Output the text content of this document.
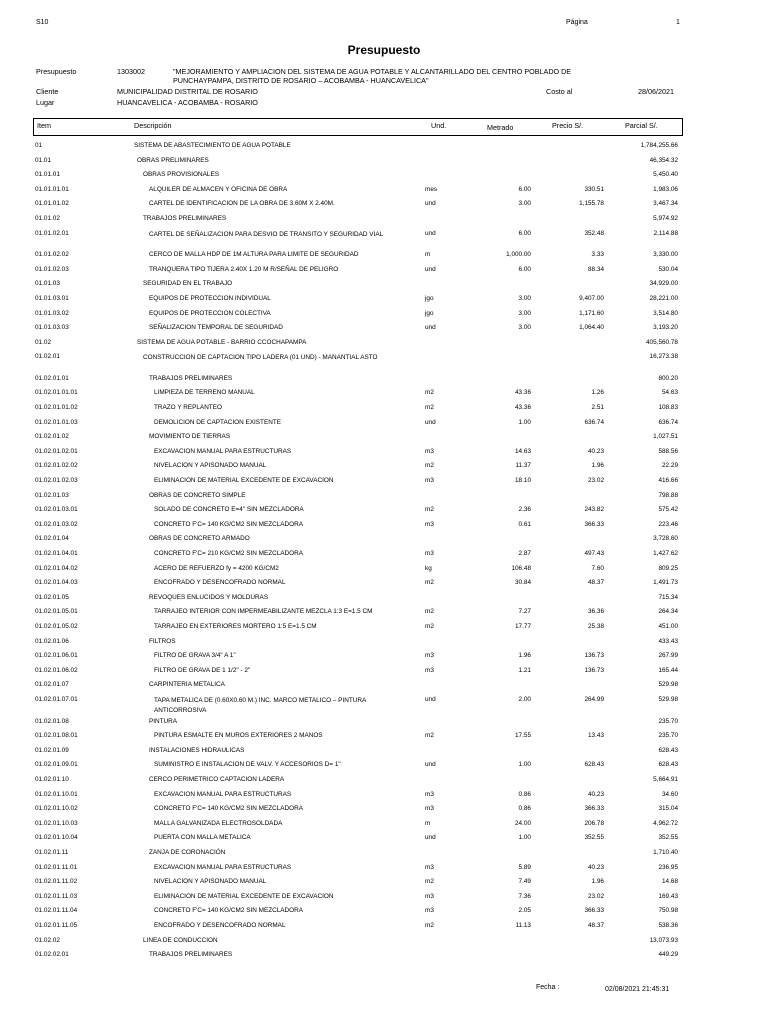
S10	Página	1
Presupuesto
Presupuesto	1303002	"MEJORAMIENTO Y AMPLIACION DEL SISTEMA DE AGUA POTABLE Y ALCANTARILLADO DEL CENTRO POBLADO DE
PUNCHAYPAMPA, DISTRITO DE ROSARIO – ACOBAMBA - HUANCAVELICA"
Cliente	MUNICIPALIDAD DISTRITAL DE ROSARIO	Costo al	28/06/2021
Lugar	HUANCAVELICA - ACOBAMBA - ROSARIO
Item	Descripción	Und.	Metrado	Precio S/.	Parcial S/.
01	SISTEMA DE ABASTECIMIENTO DE AGUA POTABLE	1,784,255.66
01.01	OBRAS PRELIMINARES	46,354.32
01.01.01	OBRAS PROVISIONALES	5,450.40
01.01.01.01	ALQUILER DE ALMACEN Y OFICINA DE OBRA	mes	6.00	330.51	1,983.06
01.01.01.02	CARTEL DE IDENTIFICACION DE LA OBRA DE 3.60M X 2.40M.	und	3.00	1,155.78	3,467.34
01.01.02	TRABAJOS PRELIMINARES	5,974.92
01.01.02.01	CARTEL DE SEÑALIZACION PARA DESVIO DE TRANSITO Y SEGURIDAD VIAL	und	6.00	352.48	2,114.88
01.01.02.02	CERCO DE MALLA HDP DE 1M ALTURA PARA LIMITE DE SEGURIDAD	m	1,000.00	3.33	3,330.00
01.01.02.03	TRANQUERA TIPO TIJERA 2.40X 1.20 M R/SEÑAL DE PELIGRO	und	6.00	88.34	530.04
01.01.03	SEGURIDAD EN EL TRABAJO	34,929.00
01.01.03.01	EQUIPOS DE PROTECCION INDIVIDUAL	jgo	3.00	9,407.00	28,221.00
01.01.03.02	EQUIPOS DE PROTECCION COLECTIVA	jgo	3.00	1,171.60	3,514.80
01.01.03.03	SEÑALIZACION TEMPORAL DE SEGURIDAD	und	3.00	1,064.40	3,193.20
01.02	SISTEMA DE AGUA POTABLE - BARRIO CCOCHAPAMPA	405,560.78
01.02.01	CONSTRUCCION DE CAPTACION TIPO LADERA (01 UND) - MANANTIAL ASTO	16,273.38
01.02.01.01	TRABAJOS PRELIMINARES	800.20
01.02.01.01.01	LIMPIEZA DE TERRENO MANUAL	m2	43.36	1.26	54.63
01.02.01.01.02	TRAZO Y REPLANTEO	m2	43.36	2.51	108.83
01.02.01.01.03	DEMOLICION DE CAPTACION EXISTENTE	und	1.00	636.74	636.74
01.02.01.02	MOVIMIENTO DE TIERRAS	1,027.51
01.02.01.02.01	EXCAVACION MANUAL PARA ESTRUCTURAS	m3	14.63	40.23	588.56
01.02.01.02.02	NIVELACION Y APISONADO MANUAL	m2	11.37	1.96	22.29
01.02.01.02.03	ELIMINACION DE MATERIAL EXCEDENTE DE EXCAVACION	m3	18.10	23.02	416.66
01.02.01.03	OBRAS DE CONCRETO SIMPLE	798.88
01.02.01.03.01	SOLADO DE CONCRETO E=4" SIN MEZCLADORA	m2	2.36	243.82	575.42
01.02.01.03.02	CONCRETO F'C= 140 KG/CM2 SIN MEZCLADORA	m3	0.61	366.33	223.46
01.02.01.04	OBRAS DE CONCRETO ARMADO	3,728.60
01.02.01.04.01	CONCRETO F'C= 210 KG/CM2 SIN MEZCLADORA	m3	2.87	497.43	1,427.62
01.02.01.04.02	ACERO DE REFUERZO fy = 4200 KG/CM2	kg	106.48	7.60	809.25
01.02.01.04.03	ENCOFRADO Y DESENCOFRADO NORMAL	m2	30.84	48.37	1,491.73
01.02.01.05	REVOQUES ENLUCIDOS Y MOLDURAS	715.34
01.02.01.05.01	TARRAJEO INTERIOR CON IMPERMEABILIZANTE MEZCLA 1:3 E=1.5 CM	m2	7.27	36.36	264.34
01.02.01.05.02	TARRAJEO EN EXTERIORES MORTERO 1:5 E=1.5 CM	m2	17.77	25.38	451.00
01.02.01.06	FILTROS	433.43
01.02.01.06.01	FILTRO DE GRAVA 3/4" A 1"	m3	1.96	136.73	267.99
01.02.01.06.02	FILTRO DE GRAVA DE 1 1/2" - 2"	m3	1.21	136.73	165.44
01.02.01.07	CARPINTERIA METALICA	529.98
01.02.01.07.01	TAPA METALICA DE (0.60X0.60 M.) INC. MARCO METALICO – PINTURA ANTICORROSIVA
und	2.00	264.99	529.98
01.02.01.08	PINTURA	235.70
01.02.01.08.01	PINTURA ESMALTE EN MUROS EXTERIORES 2 MANOS	m2	17.55	13.43	235.70
01.02.01.09	INSTALACIONES HIDRAULICAS	628.43
01.02.01.09.01	SUMINISTRO E INSTALACION DE VALV. Y ACCESORIOS D= 1"	und	1.00	628.43	628.43
01.02.01.10	CERCO PERIMETRICO CAPTACION LADERA	5,664.91
01.02.01.10.01	EXCAVACION MANUAL PARA ESTRUCTURAS	m3	0.86	40.23	34.60
01.02.01.10.02	CONCRETO F'C= 140 KG/CM2 SIN MEZCLADORA	m3	0.86	366.33	315.04
01.02.01.10.03	MALLA GALVANIZADA ELECTROSOLDADA	m	24.00	206.78	4,962.72
01.02.01.10.04	PUERTA CON MALLA METALICA	und	1.00	352.55	352.55
01.02.01.11	ZANJA DE CORONACIÓN	1,710.40
01.02.01.11.01	EXCAVACION MANUAL PARA ESTRUCTURAS	m3	5.89	40.23	236.95
01.02.01.11.02	NIVELACION Y APISONADO MANUAL	m2	7.49	1.96	14.68
01.02.01.11.03	ELIMINACION DE MATERIAL EXCEDENTE DE EXCAVACION	m3	7.36	23.02	169.43
01.02.01.11.04	CONCRETO F'C= 140 KG/CM2 SIN MEZCLADORA	m3	2.05	366.33	750.98
01.02.01.11.05	ENCOFRADO Y DESENCOFRADO NORMAL	m2	11.13	48.37	538.36
01.02.02	LINEA DE CONDUCCION	13,073.93
01.02.02.01	TRABAJOS PRELIMINARES	449.29
Fecha :	02/08/2021 21:45:31
